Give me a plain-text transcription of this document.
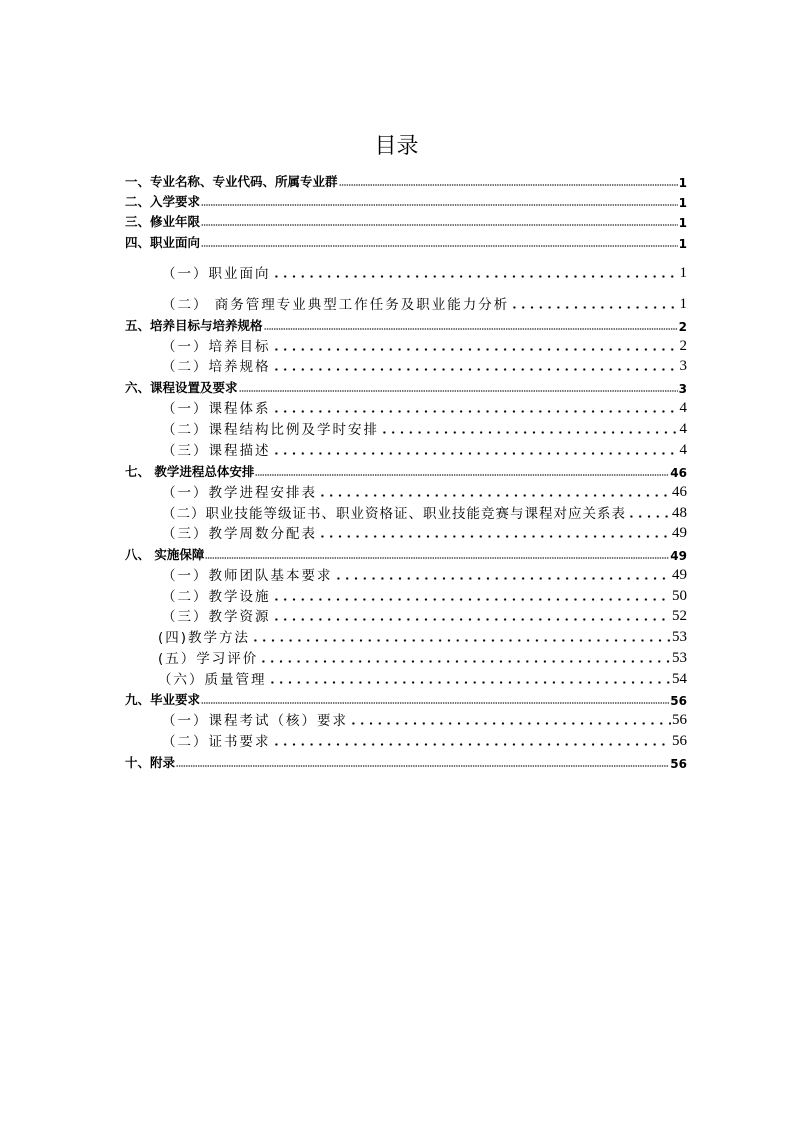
目录
一、专业名称、专业代码、所属专业群	1
二、入学要求	1
三、修业年限	1
四、职业面向	1
（一）职业面向	1
（二） 商务管理专业典型工作任务及职业能力分析	1
五、培养目标与培养规格	2
（一）培养目标	2
（二）培养规格	3
六、课程设置及要求	3
（一）课程体系	4
（二）课程结构比例及学时安排	4
（三）课程描述	4
七、 教学进程总体安排	46
（一）教学进程安排表	46
（二）职业技能等级证书、职业资格证、职业技能竞赛与课程对应关系表	48
（三）教学周数分配表	49
八、 实施保障	49
（一）教师团队基本要求	49
（二）教学设施	50
（三）教学资源	52
(四)教学方法	53
(五）学习评价	53
（六）质量管理	54
九、毕业要求	56
（一）课程考试（核）要求	56
（二）证书要求	56
十、附录	56
